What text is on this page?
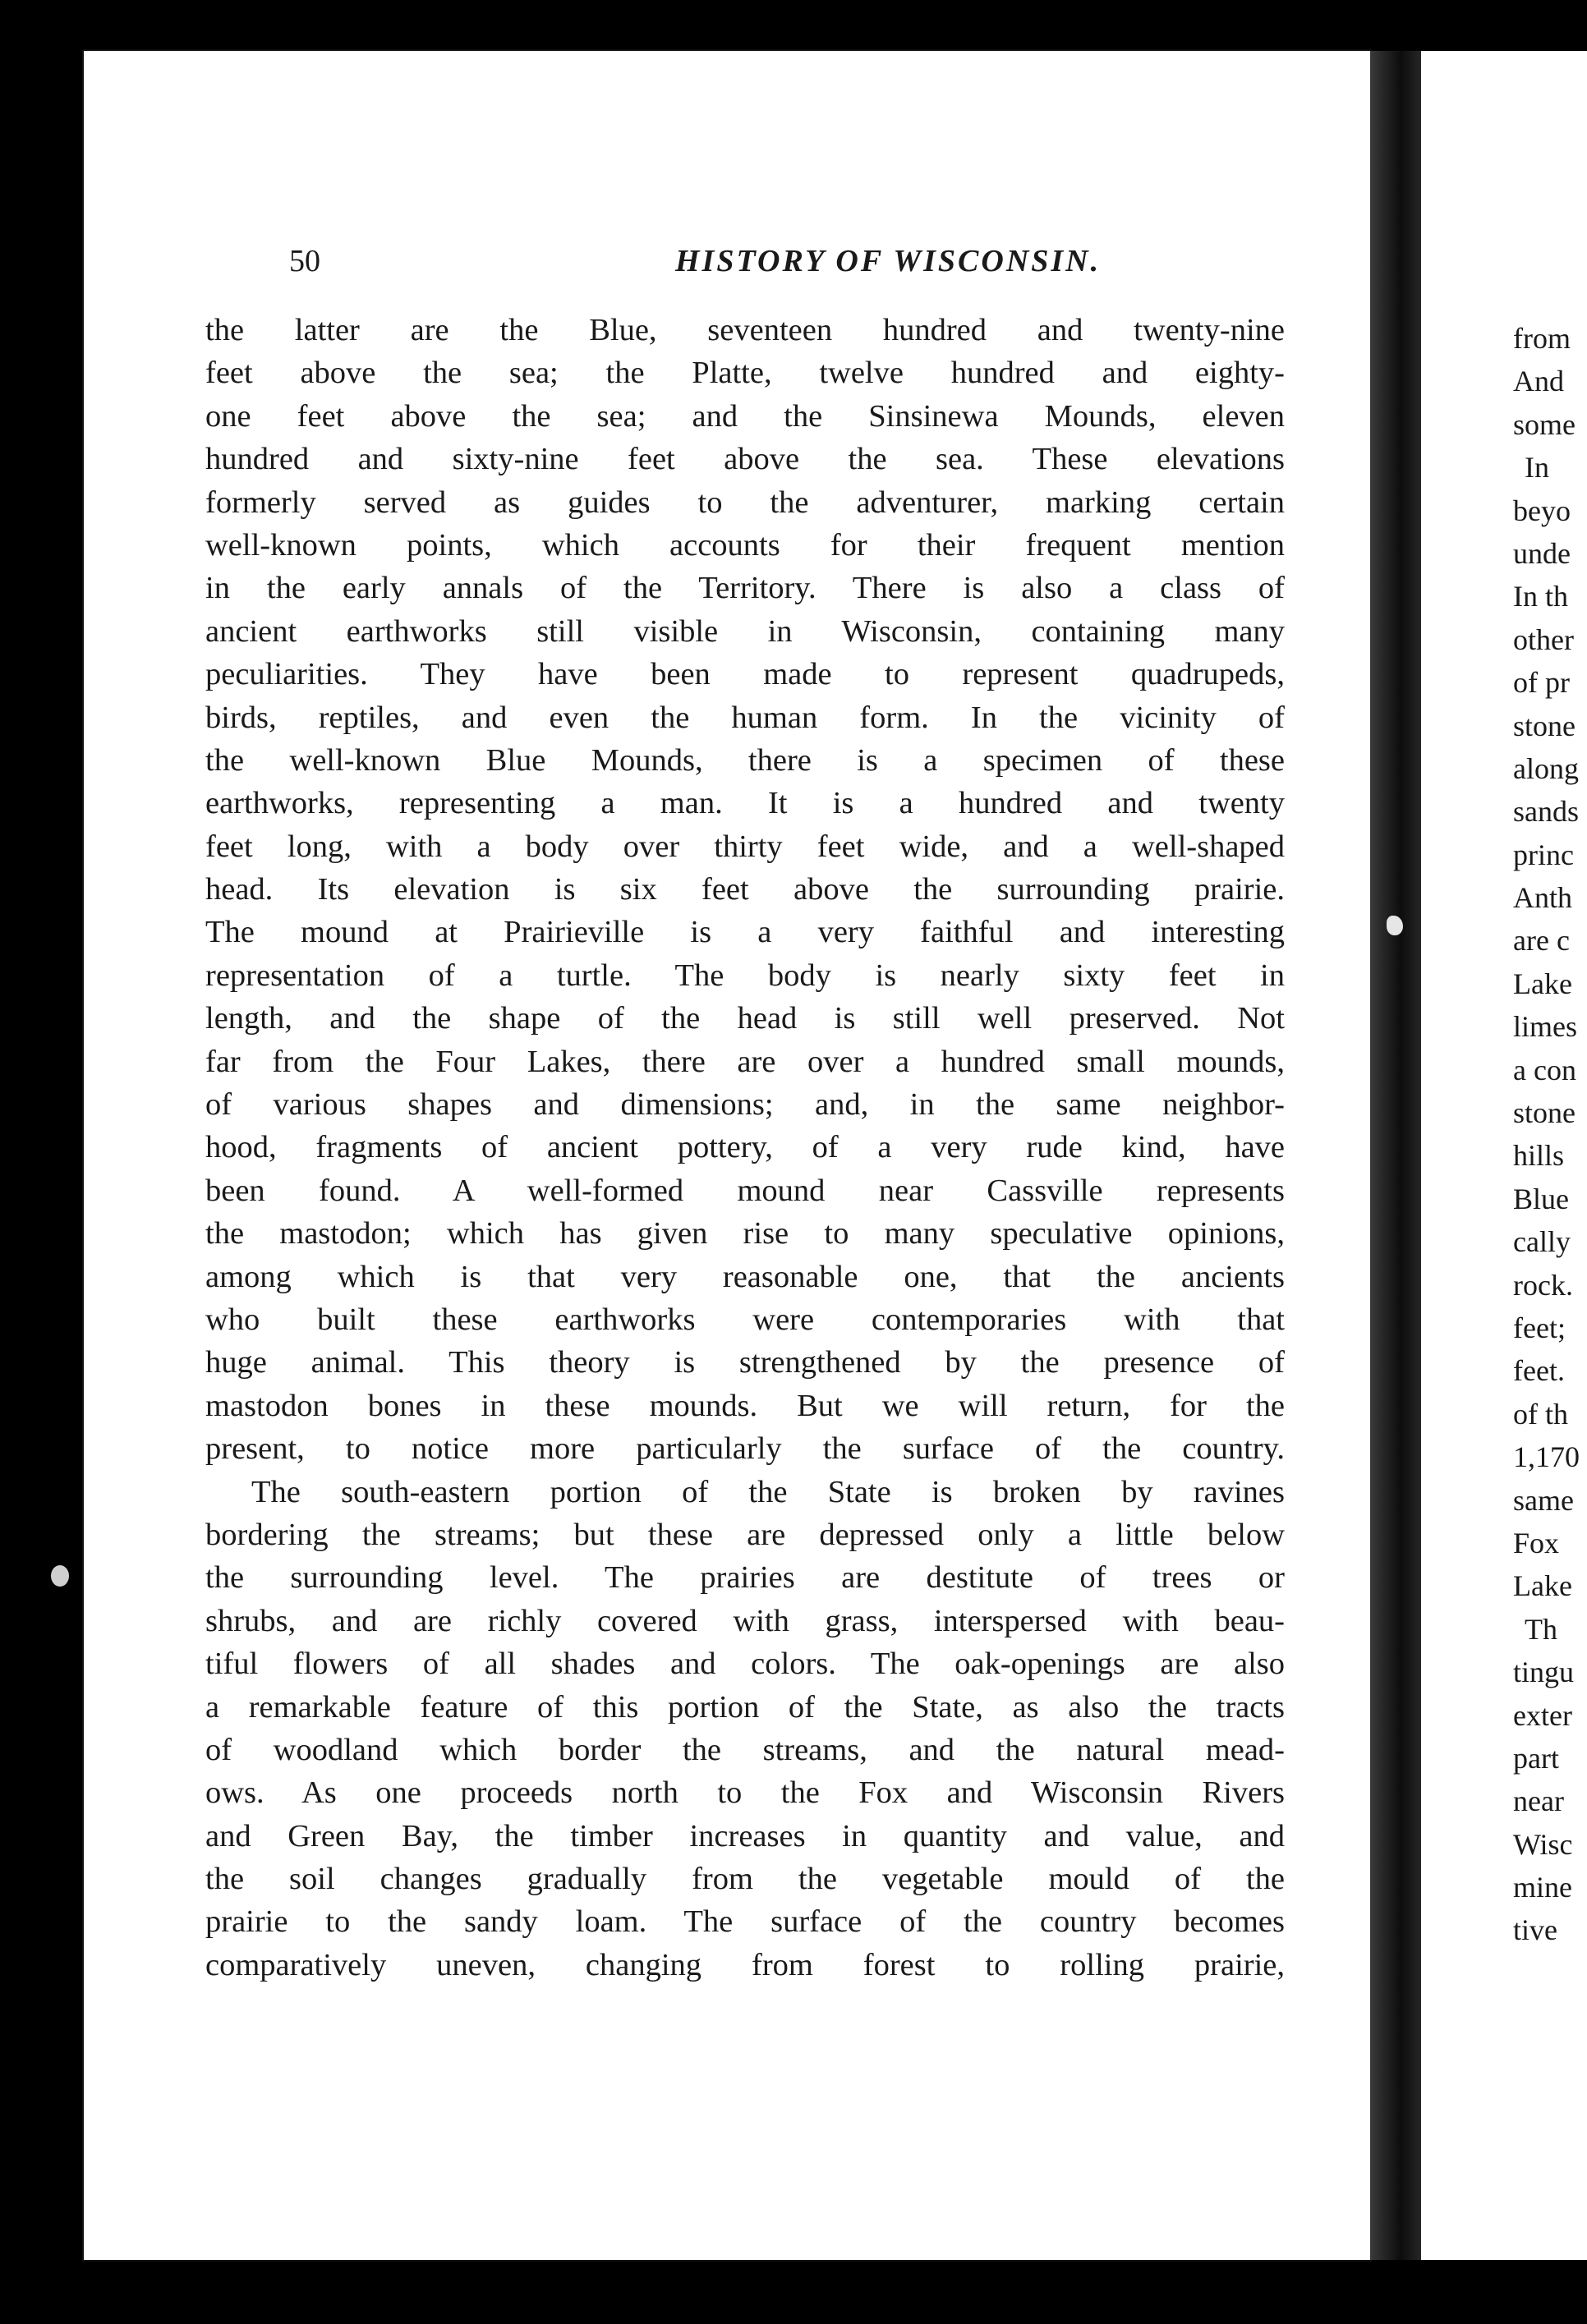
50	HISTORY OF WISCONSIN.
the latter are the Blue, seventeen hundred and twenty-nine
feet above the sea; the Platte, twelve hundred and eighty-
one feet above the sea; and the Sinsinewa Mounds, eleven
hundred and sixty-nine feet above the sea. These elevations
formerly served as guides to the adventurer, marking certain
well-known points, which accounts for their frequent mention
in the early annals of the Territory. There is also a class of
ancient earthworks still visible in Wisconsin, containing many
peculiarities. They have been made to represent quadrupeds,
birds, reptiles, and even the human form. In the vicinity of
the well-known Blue Mounds, there is a specimen of these
earthworks, representing a man. It is a hundred and twenty
feet long, with a body over thirty feet wide, and a well-shaped
head. Its elevation is six feet above the surrounding prairie.
The mound at Prairieville is a very faithful and interesting
representation of a turtle. The body is nearly sixty feet in
length, and the shape of the head is still well preserved. Not
far from the Four Lakes, there are over a hundred small mounds,
of various shapes and dimensions; and, in the same neighbor-
hood, fragments of ancient pottery, of a very rude kind, have
been found. A well-formed mound near Cassville represents
the mastodon; which has given rise to many speculative opinions,
among which is that very reasonable one, that the ancients
who built these earthworks were contemporaries with that
huge animal. This theory is strengthened by the presence of
mastodon bones in these mounds. But we will return, for the
present, to notice more particularly the surface of the country.
The south-eastern portion of the State is broken by ravines
bordering the streams; but these are depressed only a little below
the surrounding level. The prairies are destitute of trees or
shrubs, and are richly covered with grass, interspersed with beau-
tiful flowers of all shades and colors. The oak-openings are also
a remarkable feature of this portion of the State, as also the tracts
of woodland which border the streams, and the natural mead-
ows. As one proceeds north to the Fox and Wisconsin Rivers
and Green Bay, the timber increases in quantity and value, and
the soil changes gradually from the vegetable mould of the
prairie to the sandy loam. The surface of the country becomes
comparatively uneven, changing from forest to rolling prairie,
from
And
some
In
beyo
unde
In th
other
of pr
stone
along
sands
princ
Anth
are c
Lake
limes
a con
stone
hills
Blue
cally
rock.
feet;
feet.
of th
1,170
same
Fox
Lake
Th
tingu
exter
part
near
Wisc
mine
tive
